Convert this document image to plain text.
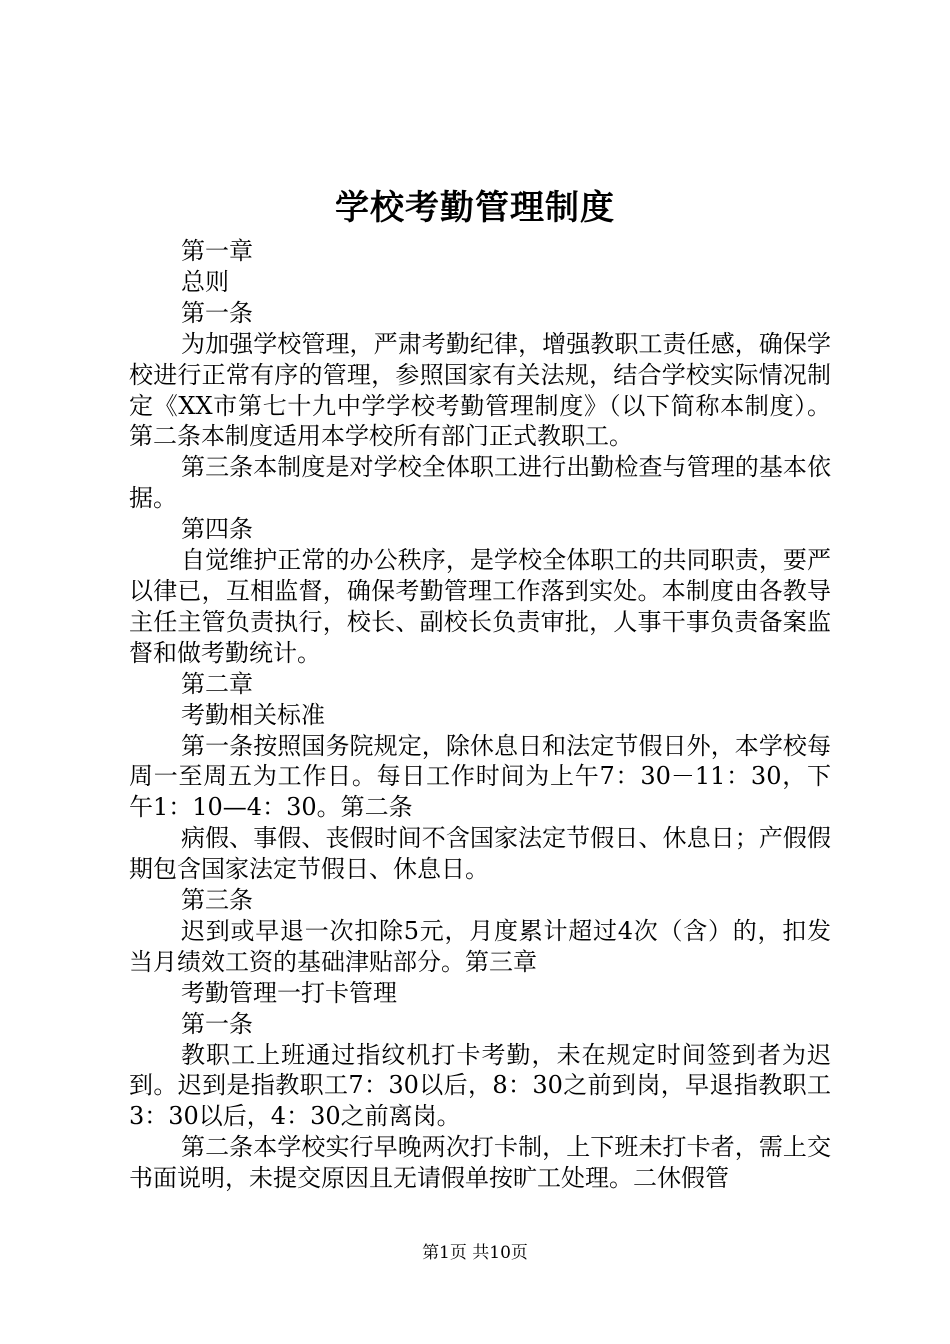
学校考勤管理制度

第一章

总则

第一条

为加强学校管理，严肃考勤纪律，增强教职工责任感，确保学校进行正常有序的管理，参照国家有关法规，结合学校实际情况制定《XX市第七十九中学学校考勤管理制度》（以下简称本制度）。第二条本制度适用本学校所有部门正式教职工。

第三条本制度是对学校全体职工进行出勤检查与管理的基本依据。

第四条

自觉维护正常的办公秩序，是学校全体职工的共同职责，要严以律已，互相监督，确保考勤管理工作落到实处。本制度由各教导主任主管负责执行，校长、副校长负责审批，人事干事负责备案监督和做考勤统计。

第二章

考勤相关标准

第一条按照国务院规定，除休息日和法定节假日外，本学校每周一至周五为工作日。每日工作时间为上午7：30－11：30，下午1：10—4：30。第二条

病假、事假、丧假时间不含国家法定节假日、休息日；产假假期包含国家法定节假日、休息日。

第三条

迟到或早退一次扣除5元，月度累计超过4次（含）的，扣发当月绩效工资的基础津贴部分。第三章

考勤管理一打卡管理

第一条

教职工上班通过指纹机打卡考勤，未在规定时间签到者为迟到。迟到是指教职工7：30以后，8：30之前到岗，早退指教职工3：30以后，4：30之前离岗。

第二条本学校实行早晚两次打卡制，上下班未打卡者，需上交书面说明，未提交原因且无请假单按旷工处理。二休假管

第1页 共10页
